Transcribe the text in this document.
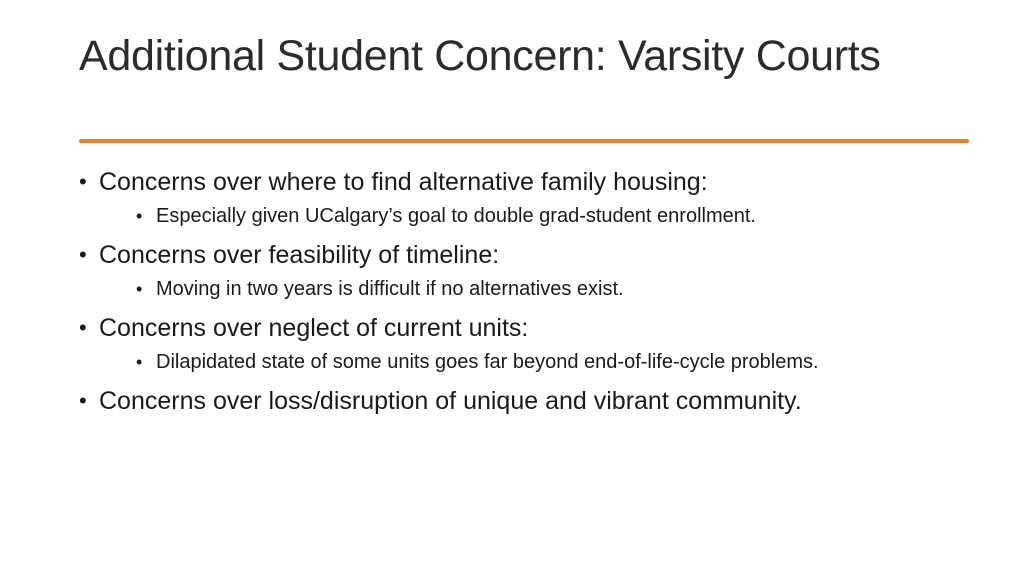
Additional Student Concern: Varsity Courts
• Concerns over where to find alternative family housing:
• Especially given UCalgary’s goal to double grad-student enrollment.
• Concerns over feasibility of timeline:
• Moving in two years is difficult if no alternatives exist.
• Concerns over neglect of current units:
• Dilapidated state of some units goes far beyond end-of-life-cycle problems.
• Concerns over loss/disruption of unique and vibrant community.
